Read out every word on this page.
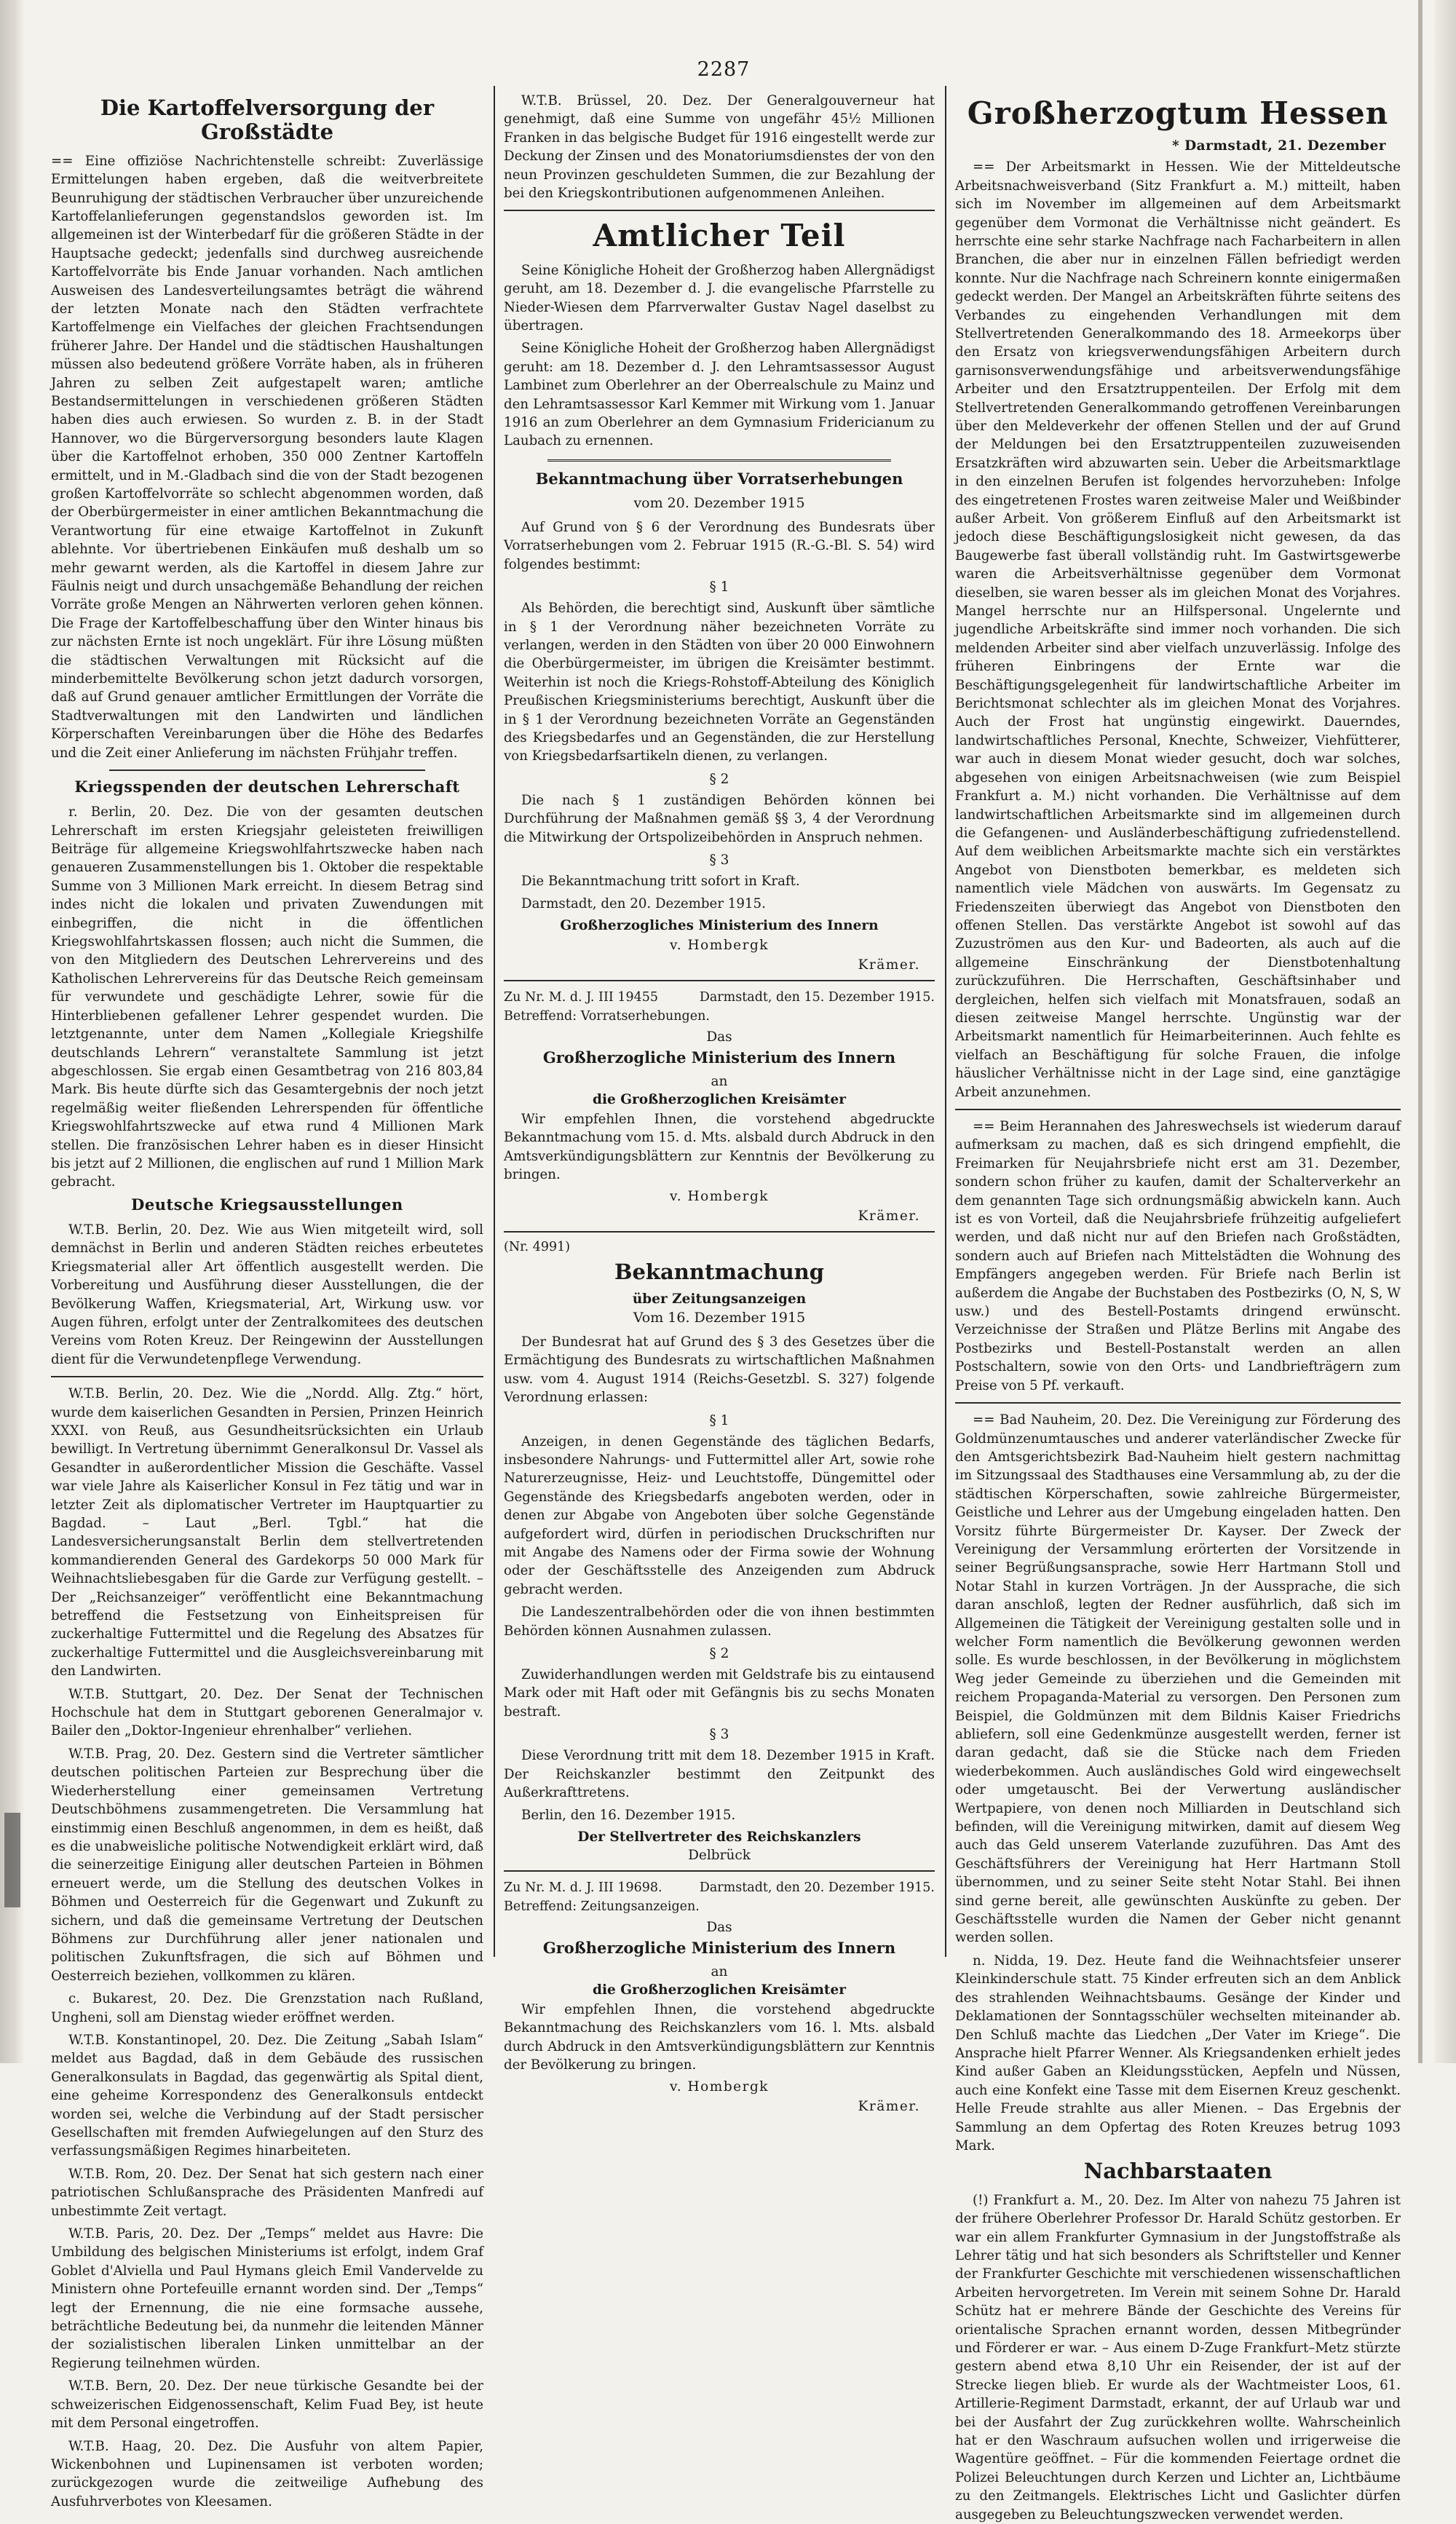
2287
Die Kartoffelversorgung der Großstädte

== Eine offiziöse Nachrichtenstelle schreibt: Zuverlässige Ermittelungen haben ergeben, daß die weitverbreitete Beunruhigung der städtischen Verbraucher über unzureichende Kartoffelanlieferungen gegenstandslos geworden ist. Im allgemeinen ist der Winterbedarf für die größeren Städte in der Hauptsache gedeckt; jedenfalls sind durchweg ausreichende Kartoffelvorräte bis Ende Januar vorhanden. Nach amtlichen Ausweisen des Landesverteilungsamtes beträgt die während der letzten Monate nach den Städten verfrachtete Kartoffelmenge ein Vielfaches der gleichen Frachtsendungen früherer Jahre. Der Handel und die städtischen Haushaltungen müssen also bedeutend größere Vorräte haben, als in früheren Jahren zu selben Zeit aufgestapelt waren; amtliche Bestandsermittelungen in verschiedenen größeren Städten haben dies auch erwiesen. So wurden z. B. in der Stadt Hannover, wo die Bürgerversorgung besonders laute Klagen über die Kartoffelnot erhoben, 350 000 Zentner Kartoffeln ermittelt, und in M.-Gladbach sind die von der Stadt bezogenen großen Kartoffelvorräte so schlecht abgenommen worden, daß der Oberbürgermeister in einer amtlichen Bekanntmachung die Verantwortung für eine etwaige Kartoffelnot in Zukunft ablehnte. Vor übertriebenen Einkäufen muß deshalb um so mehr gewarnt werden, als die Kartoffel in diesem Jahre zur Fäulnis neigt und durch unsachgemäße Behandlung der reichen Vorräte große Mengen an Nährwerten verloren gehen können. Die Frage der Kartoffelbeschaffung über den Winter hinaus bis zur nächsten Ernte ist noch ungeklärt. Für ihre Lösung müßten die städtischen Verwaltungen mit Rücksicht auf die minderbemittelte Bevölkerung schon jetzt dadurch vorsorgen, daß auf Grund genauer amtlicher Ermittlungen der Vorräte die Stadtverwaltungen mit den Landwirten und ländlichen Körperschaften Vereinbarungen über die Höhe des Bedarfes und die Zeit einer Anlieferung im nächsten Frühjahr treffen.

Kriegsspenden der deutschen Lehrerschaft

r. Berlin, 20. Dez. Die von der gesamten deutschen Lehrerschaft im ersten Kriegsjahr geleisteten freiwilligen Beiträge für allgemeine Kriegswohlfahrtszwecke haben nach genaueren Zusammenstellungen bis 1. Oktober die respektable Summe von 3 Millionen Mark erreicht. In diesem Betrag sind indes nicht die lokalen und privaten Zuwendungen mit einbegriffen, die nicht in die öffentlichen Kriegswohlfahrtskassen flossen; auch nicht die Summen, die von den Mitgliedern des Deutschen Lehrervereins und des Katholischen Lehrervereins für das Deutsche Reich gemeinsam für verwundete und geschädigte Lehrer, sowie für die Hinterbliebenen gefallener Lehrer gespendet wurden. Die letztgenannte, unter dem Namen „Kollegiale Kriegshilfe deutschlands Lehrern“ veranstaltete Sammlung ist jetzt abgeschlossen. Sie ergab einen Gesamtbetrag von 216 803,84 Mark. Bis heute dürfte sich das Gesamtergebnis der noch jetzt regelmäßig weiter fließenden Lehrerspenden für öffentliche Kriegswohlfahrtszwecke auf etwa rund 4 Millionen Mark stellen. Die französischen Lehrer haben es in dieser Hinsicht bis jetzt auf 2 Millionen, die englischen auf rund 1 Million Mark gebracht.

Deutsche Kriegsausstellungen

W.T.B. Berlin, 20. Dez. Wie aus Wien mitgeteilt wird, soll demnächst in Berlin und anderen Städten reiches erbeutetes Kriegsmaterial aller Art öffentlich ausgestellt werden. Die Vorbereitung und Ausführung dieser Ausstellungen, die der Bevölkerung Waffen, Kriegsmaterial, Art, Wirkung usw. vor Augen führen, erfolgt unter der Zentralkomitees des deutschen Vereins vom Roten Kreuz. Der Reingewinn der Ausstellungen dient für die Verwundetenpflege Verwendung.

W.T.B. Berlin, 20. Dez. Wie die „Nordd. Allg. Ztg.“ hört, wurde dem kaiserlichen Gesandten in Persien, Prinzen Heinrich XXXI. von Reuß, aus Gesundheitsrücksichten ein Urlaub bewilligt. In Vertretung übernimmt Generalkonsul Dr. Vassel als Gesandter in außerordentlicher Mission die Geschäfte. Vassel war viele Jahre als Kaiserlicher Konsul in Fez tätig und war in letzter Zeit als diplomatischer Vertreter im Hauptquartier zu Bagdad. – Laut „Berl. Tgbl.“ hat die Landesversicherungsanstalt Berlin dem stellvertretenden kommandierenden General des Gardekorps 50 000 Mark für Weihnachtsliebesgaben für die Garde zur Verfügung gestellt. – Der „Reichsanzeiger“ veröffentlicht eine Bekanntmachung betreffend die Festsetzung von Einheitspreisen für zuckerhaltige Futtermittel und die Regelung des Absatzes für zuckerhaltige Futtermittel und die Ausgleichsvereinbarung mit den Landwirten.

W.T.B. Stuttgart, 20. Dez. Der Senat der Technischen Hochschule hat dem in Stuttgart geborenen Generalmajor v. Bailer den „Doktor-Ingenieur ehrenhalber“ verliehen.

W.T.B. Prag, 20. Dez. Gestern sind die Vertreter sämtlicher deutschen politischen Parteien zur Besprechung über die Wiederherstellung einer gemeinsamen Vertretung Deutschböhmens zusammengetreten. Die Versammlung hat einstimmig einen Beschluß angenommen, in dem es heißt, daß es die unabweisliche politische Notwendigkeit erklärt wird, daß die seinerzeitige Einigung aller deutschen Parteien in Böhmen erneuert werde, um die Stellung des deutschen Volkes in Böhmen und Oesterreich für die Gegenwart und Zukunft zu sichern, und daß die gemeinsame Vertretung der Deutschen Böhmens zur Durchführung aller jener nationalen und politischen Zukunftsfragen, die sich auf Böhmen und Oesterreich beziehen, vollkommen zu klären.

c. Bukarest, 20. Dez. Die Grenzstation nach Rußland, Ungheni, soll am Dienstag wieder eröffnet werden.

W.T.B. Konstantinopel, 20. Dez. Die Zeitung „Sabah Islam“ meldet aus Bagdad, daß in dem Gebäude des russischen Generalkonsulats in Bagdad, das gegenwärtig als Spital dient, eine geheime Korrespondenz des Generalkonsuls entdeckt worden sei, welche die Verbindung auf der Stadt persischer Gesellschaften mit fremden Aufwiegelungen auf den Sturz des verfassungsmäßigen Regimes hinarbeiteten.

W.T.B. Rom, 20. Dez. Der Senat hat sich gestern nach einer patriotischen Schlußansprache des Präsidenten Manfredi auf unbestimmte Zeit vertagt.

W.T.B. Paris, 20. Dez. Der „Temps“ meldet aus Havre: Die Umbildung des belgischen Ministeriums ist erfolgt, indem Graf Goblet d'Alviella und Paul Hymans gleich Emil Vandervelde zu Ministern ohne Portefeuille ernannt worden sind. Der „Temps“ legt der Ernennung, die nie eine formsache aussehe, beträchtliche Bedeutung bei, da nunmehr die leitenden Männer der sozialistischen liberalen Linken unmittelbar an der Regierung teilnehmen würden.

W.T.B. Bern, 20. Dez. Der neue türkische Gesandte bei der schweizerischen Eidgenossenschaft, Kelim Fuad Bey, ist heute mit dem Personal eingetroffen.

W.T.B. Haag, 20. Dez. Die Ausfuhr von altem Papier, Wickenbohnen und Lupinensamen ist verboten worden; zurückgezogen wurde die zeitweilige Aufhebung des Ausfuhrverbotes von Kleesamen.

W.T.B. Brüssel, 20. Dez. Der Generalgouverneur hat genehmigt, daß eine Summe von ungefähr 45½ Millionen Franken in das belgische Budget für 1916 eingestellt werde zur Deckung der Zinsen und des Monatoriumsdienstes der von den neun Provinzen geschuldeten Summen, die zur Bezahlung der bei den Kriegskontributionen aufgenommenen Anleihen.

Amtlicher Teil

Seine Königliche Hoheit der Großherzog haben Allergnädigst geruht, am 18. Dezember d. J. die evangelische Pfarrstelle zu Nieder-Wiesen dem Pfarrverwalter Gustav Nagel daselbst zu übertragen.

Seine Königliche Hoheit der Großherzog haben Allergnädigst geruht: am 18. Dezember d. J. den Lehramtsassessor August Lambinet zum Oberlehrer an der Oberrealschule zu Mainz und den Lehramtsassessor Karl Kemmer mit Wirkung vom 1. Januar 1916 an zum Oberlehrer an dem Gymnasium Fridericianum zu Laubach zu ernennen.

Bekanntmachung über Vorratserhebungen
vom 20. Dezember 1915

Auf Grund von § 6 der Verordnung des Bundesrats über Vorratserhebungen vom 2. Februar 1915 (R.-G.-Bl. S. 54) wird folgendes bestimmt:

§ 1

Als Behörden, die berechtigt sind, Auskunft über sämtliche in § 1 der Verordnung näher bezeichneten Vorräte zu verlangen, werden in den Städten von über 20 000 Einwohnern die Oberbürgermeister, im übrigen die Kreisämter bestimmt. Weiterhin ist noch die Kriegs-Rohstoff-Abteilung des Königlich Preußischen Kriegsministeriums berechtigt, Auskunft über die in § 1 der Verordnung bezeichneten Vorräte an Gegenständen des Kriegsbedarfes und an Gegenständen, die zur Herstellung von Kriegsbedarfsartikeln dienen, zu verlangen.

§ 2

Die nach § 1 zuständigen Behörden können bei Durchführung der Maßnahmen gemäß §§ 3, 4 der Verordnung die Mitwirkung der Ortspolizeibehörden in Anspruch nehmen.

§ 3

Die Bekanntmachung tritt sofort in Kraft.

Darmstadt, den 20. Dezember 1915.

Großherzogliches Ministerium des Innern
v. Hombergk
Krämer.
Zu Nr. M. d. J. III 19455	Darmstadt, den 15. Dezember 1915.
Betreffend: Vorratserhebungen.
Das
Großherzogliche Ministerium des Innern
an
die Großherzoglichen Kreisämter

Wir empfehlen Ihnen, die vorstehend abgedruckte Bekanntmachung vom 15. d. Mts. alsbald durch Abdruck in den Amtsverkündigungsblättern zur Kenntnis der Bevölkerung zu bringen.

v. Hombergk
Krämer.
(Nr. 4991)
Bekanntmachung
über Zeitungsanzeigen
Vom 16. Dezember 1915

Der Bundesrat hat auf Grund des § 3 des Gesetzes über die Ermächtigung des Bundesrats zu wirtschaftlichen Maßnahmen usw. vom 4. August 1914 (Reichs-Gesetzbl. S. 327) folgende Verordnung erlassen:

§ 1

Anzeigen, in denen Gegenstände des täglichen Bedarfs, insbesondere Nahrungs- und Futtermittel aller Art, sowie rohe Naturerzeugnisse, Heiz- und Leuchtstoffe, Düngemittel oder Gegenstände des Kriegsbedarfs angeboten werden, oder in denen zur Abgabe von Angeboten über solche Gegenstände aufgefordert wird, dürfen in periodischen Druckschriften nur mit Angabe des Namens oder der Firma sowie der Wohnung oder der Geschäftsstelle des Anzeigenden zum Abdruck gebracht werden.

Die Landeszentralbehörden oder die von ihnen bestimmten Behörden können Ausnahmen zulassen.

§ 2

Zuwiderhandlungen werden mit Geldstrafe bis zu eintausend Mark oder mit Haft oder mit Gefängnis bis zu sechs Monaten bestraft.

§ 3

Diese Verordnung tritt mit dem 18. Dezember 1915 in Kraft. Der Reichskanzler bestimmt den Zeitpunkt des Außerkrafttretens.

Berlin, den 16. Dezember 1915.

Der Stellvertreter des Reichskanzlers
Delbrück
Zu Nr. M. d. J. III 19698.	Darmstadt, den 20. Dezember 1915.
Betreffend: Zeitungsanzeigen.
Das
Großherzogliche Ministerium des Innern
an
die Großherzoglichen Kreisämter

Wir empfehlen Ihnen, die vorstehend abgedruckte Bekanntmachung des Reichskanzlers vom 16. l. Mts. alsbald durch Abdruck in den Amtsverkündigungsblättern zur Kenntnis der Bevölkerung zu bringen.

v. Hombergk
Krämer.
Großherzogtum Hessen
* Darmstadt, 21. Dezember

== Der Arbeitsmarkt in Hessen. Wie der Mitteldeutsche Arbeitsnachweisverband (Sitz Frankfurt a. M.) mitteilt, haben sich im November im allgemeinen auf dem Arbeitsmarkt gegenüber dem Vormonat die Verhältnisse nicht geändert. Es herrschte eine sehr starke Nachfrage nach Facharbeitern in allen Branchen, die aber nur in einzelnen Fällen befriedigt werden konnte. Nur die Nachfrage nach Schreinern konnte einigermaßen gedeckt werden. Der Mangel an Arbeitskräften führte seitens des Verbandes zu eingehenden Verhandlungen mit dem Stellvertretenden Generalkommando des 18. Armeekorps über den Ersatz von kriegsverwendungsfähigen Arbeitern durch garnisonsverwendungsfähige und arbeitsverwendungsfähige Arbeiter und den Ersatztruppenteilen. Der Erfolg mit dem Stellvertretenden Generalkommando getroffenen Vereinbarungen über den Meldeverkehr der offenen Stellen und der auf Grund der Meldungen bei den Ersatztruppenteilen zuzuweisenden Ersatzkräften wird abzuwarten sein. Ueber die Arbeitsmarktlage in den einzelnen Berufen ist folgendes hervorzuheben: Infolge des eingetretenen Frostes waren zeitweise Maler und Weißbinder außer Arbeit. Von größerem Einfluß auf den Arbeitsmarkt ist jedoch diese Beschäftigungslosigkeit nicht gewesen, da das Baugewerbe fast überall vollständig ruht. Im Gastwirtsgewerbe waren die Arbeitsverhältnisse gegenüber dem Vormonat dieselben, sie waren besser als im gleichen Monat des Vorjahres. Mangel herrschte nur an Hilfspersonal. Ungelernte und jugendliche Arbeitskräfte sind immer noch vorhanden. Die sich meldenden Arbeiter sind aber vielfach unzuverlässig. Infolge des früheren Einbringens der Ernte war die Beschäftigungsgelegenheit für landwirtschaftliche Arbeiter im Berichtsmonat schlechter als im gleichen Monat des Vorjahres. Auch der Frost hat ungünstig eingewirkt. Dauerndes, landwirtschaftliches Personal, Knechte, Schweizer, Viehfütterer, war auch in diesem Monat wieder gesucht, doch war solches, abgesehen von einigen Arbeitsnachweisen (wie zum Beispiel Frankfurt a. M.) nicht vorhanden. Die Verhältnisse auf dem landwirtschaftlichen Arbeitsmarkte sind im allgemeinen durch die Gefangenen- und Ausländerbeschäftigung zufriedenstellend. Auf dem weiblichen Arbeitsmarkte machte sich ein verstärktes Angebot von Dienstboten bemerkbar, es meldeten sich namentlich viele Mädchen von auswärts. Im Gegensatz zu Friedenszeiten überwiegt das Angebot von Dienstboten den offenen Stellen. Das verstärkte Angebot ist sowohl auf das Zuzuströmen aus den Kur- und Badeorten, als auch auf die allgemeine Einschränkung der Dienstbotenhaltung zurückzuführen. Die Herrschaften, Geschäftsinhaber und dergleichen, helfen sich vielfach mit Monatsfrauen, sodaß an diesen zeitweise Mangel herrschte. Ungünstig war der Arbeitsmarkt namentlich für Heimarbeiterinnen. Auch fehlte es vielfach an Beschäftigung für solche Frauen, die infolge häuslicher Verhältnisse nicht in der Lage sind, eine ganztägige Arbeit anzunehmen.

== Beim Herannahen des Jahreswechsels ist wiederum darauf aufmerksam zu machen, daß es sich dringend empfiehlt, die Freimarken für Neujahrsbriefe nicht erst am 31. Dezember, sondern schon früher zu kaufen, damit der Schalterverkehr an dem genannten Tage sich ordnungsmäßig abwickeln kann. Auch ist es von Vorteil, daß die Neujahrsbriefe frühzeitig aufgeliefert werden, und daß nicht nur auf den Briefen nach Großstädten, sondern auch auf Briefen nach Mittelstädten die Wohnung des Empfängers angegeben werden. Für Briefe nach Berlin ist außerdem die Angabe der Buchstaben des Postbezirks (O, N, S, W usw.) und des Bestell-Postamts dringend erwünscht. Verzeichnisse der Straßen und Plätze Berlins mit Angabe des Postbezirks und Bestell-Postanstalt werden an allen Postschaltern, sowie von den Orts- und Landbriefträgern zum Preise von 5 Pf. verkauft.

== Bad Nauheim, 20. Dez. Die Vereinigung zur Förderung des Goldmünzenumtausches und anderer vaterländischer Zwecke für den Amtsgerichtsbezirk Bad-Nauheim hielt gestern nachmittag im Sitzungssaal des Stadthauses eine Versammlung ab, zu der die städtischen Körperschaften, sowie zahlreiche Bürgermeister, Geistliche und Lehrer aus der Umgebung eingeladen hatten. Den Vorsitz führte Bürgermeister Dr. Kayser. Der Zweck der Vereinigung der Versammlung erörterten der Vorsitzende in seiner Begrüßungsansprache, sowie Herr Hartmann Stoll und Notar Stahl in kurzen Vorträgen. Jn der Aussprache, die sich daran anschloß, legten der Redner ausführlich, daß sich im Allgemeinen die Tätigkeit der Vereinigung gestalten solle und in welcher Form namentlich die Bevölkerung gewonnen werden solle. Es wurde beschlossen, in der Bevölkerung in möglichstem Weg jeder Gemeinde zu überziehen und die Gemeinden mit reichem Propaganda-Material zu versorgen. Den Personen zum Beispiel, die Goldmünzen mit dem Bildnis Kaiser Friedrichs abliefern, soll eine Gedenkmünze ausgestellt werden, ferner ist daran gedacht, daß sie die Stücke nach dem Frieden wiederbekommen. Auch ausländisches Gold wird eingewechselt oder umgetauscht. Bei der Verwertung ausländischer Wertpapiere, von denen noch Milliarden in Deutschland sich befinden, will die Vereinigung mitwirken, damit auf diesem Weg auch das Geld unserem Vaterlande zuzuführen. Das Amt des Geschäftsführers der Vereinigung hat Herr Hartmann Stoll übernommen, und zu seiner Seite steht Notar Stahl. Bei ihnen sind gerne bereit, alle gewünschten Auskünfte zu geben. Der Geschäftsstelle wurden die Namen der Geber nicht genannt werden sollen.

n. Nidda, 19. Dez. Heute fand die Weihnachtsfeier unserer Kleinkinderschule statt. 75 Kinder erfreuten sich an dem Anblick des strahlenden Weihnachtsbaums. Gesänge der Kinder und Deklamationen der Sonntagsschüler wechselten miteinander ab. Den Schluß machte das Liedchen „Der Vater im Kriege“. Die Ansprache hielt Pfarrer Wenner. Als Kriegsandenken erhielt jedes Kind außer Gaben an Kleidungsstücken, Aepfeln und Nüssen, auch eine Konfekt eine Tasse mit dem Eisernen Kreuz geschenkt. Helle Freude strahlte aus aller Mienen. – Das Ergebnis der Sammlung an dem Opfertag des Roten Kreuzes betrug 1093 Mark.

Nachbarstaaten

(!) Frankfurt a. M., 20. Dez. Im Alter von nahezu 75 Jahren ist der frühere Oberlehrer Professor Dr. Harald Schütz gestorben. Er war ein allem Frankfurter Gymnasium in der Jungstoffstraße als Lehrer tätig und hat sich besonders als Schriftsteller und Kenner der Frankfurter Geschichte mit verschiedenen wissenschaftlichen Arbeiten hervorgetreten. Im Verein mit seinem Sohne Dr. Harald Schütz hat er mehrere Bände der Geschichte des Vereins für orientalische Sprachen ernannt worden, dessen Mitbegründer und Förderer er war. – Aus einem D-Zuge Frankfurt–Metz stürzte gestern abend etwa 8,10 Uhr ein Reisender, der ist auf der Strecke liegen blieb. Er wurde als der Wachtmeister Loos, 61. Artillerie-Regiment Darmstadt, erkannt, der auf Urlaub war und bei der Ausfahrt der Zug zurückkehren wollte. Wahrscheinlich hat er den Waschraum aufsuchen wollen und irrigerweise die Wagentüre geöffnet. – Für die kommenden Feiertage ordnet die Polizei Beleuchtungen durch Kerzen und Lichter an, Lichtbäume zu den Zeitmangels. Elektrisches Licht und Gaslichter dürfen ausgegeben zu Beleuchtungszwecken verwendet werden.
